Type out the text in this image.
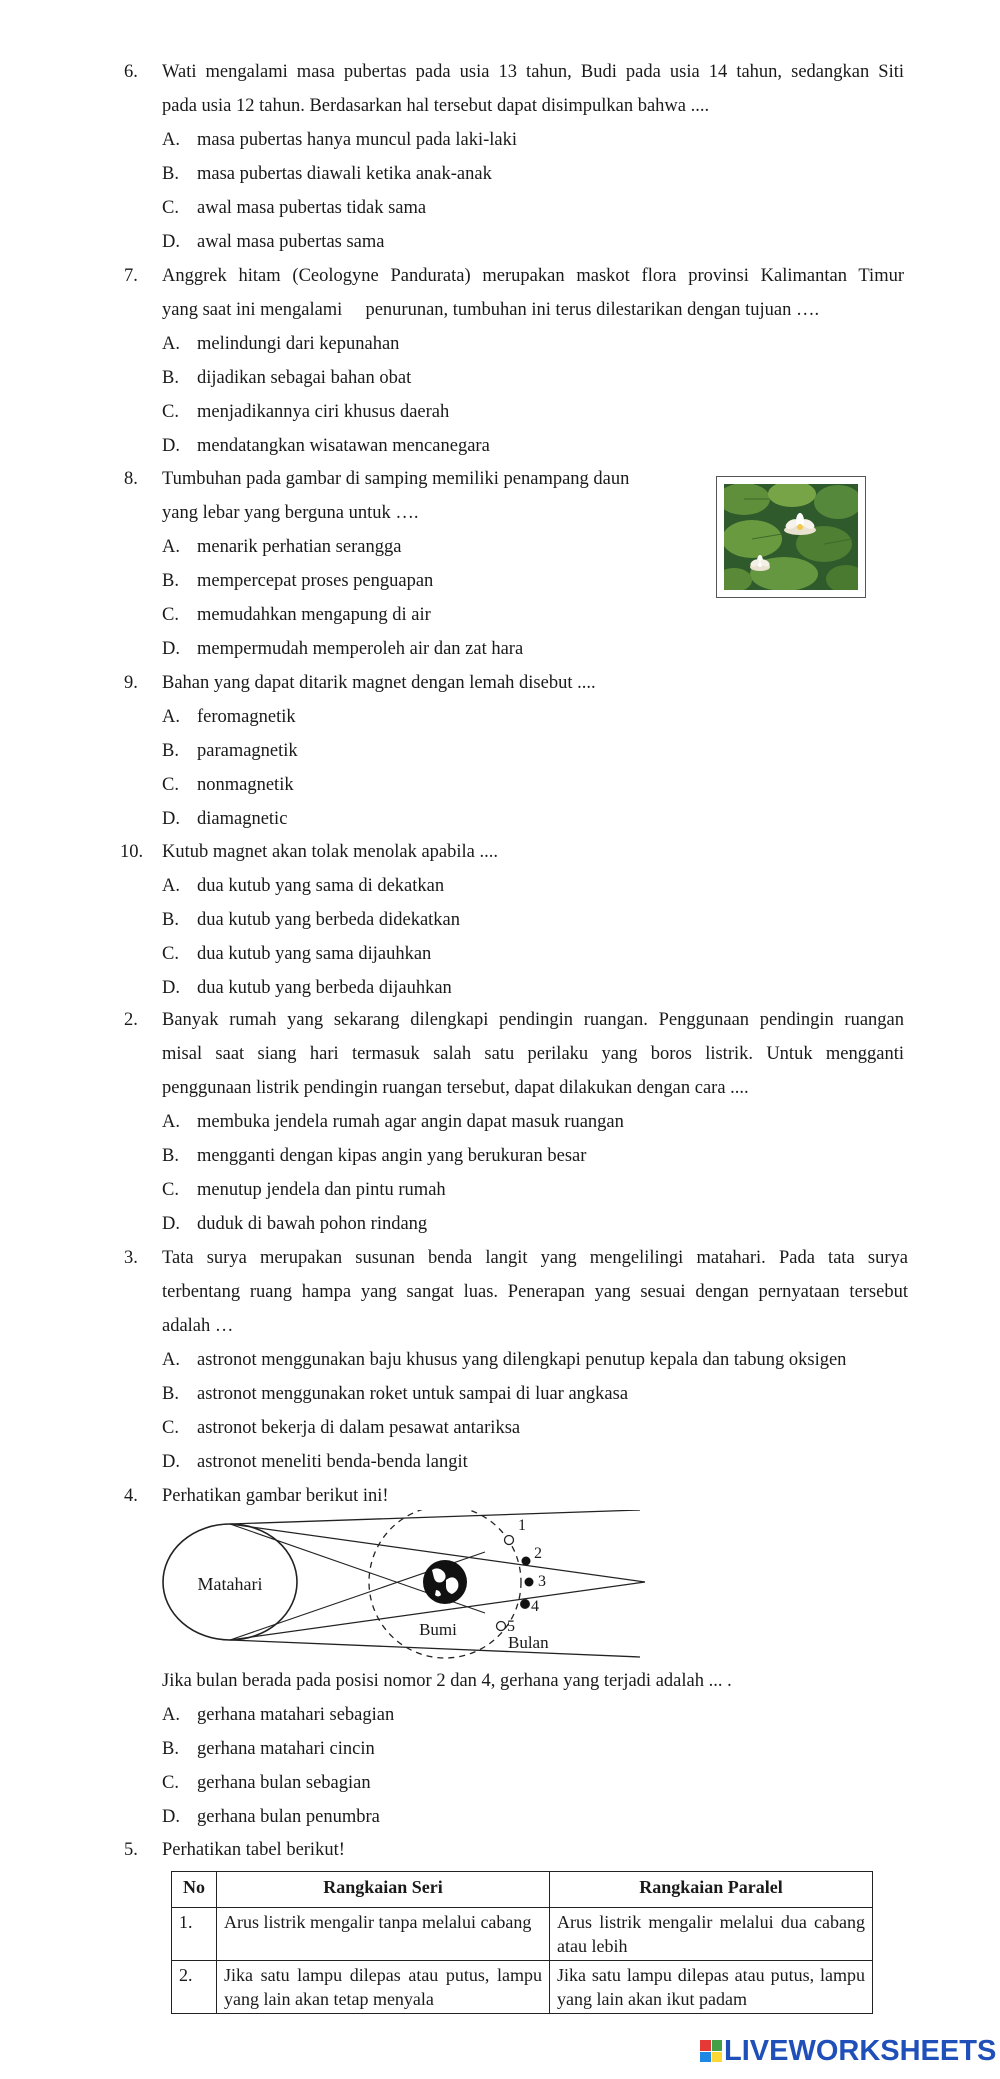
6.	Wati mengalami masa pubertas pada usia 13 tahun, Budi pada usia 14 tahun, sedangkan Siti
pada usia 12 tahun. Berdasarkan hal tersebut dapat disimpulkan bahwa ....
A. masa pubertas hanya muncul pada laki-laki
B. masa pubertas diawali ketika anak-anak
C. awal masa pubertas tidak sama
D. awal masa pubertas sama
7.	Anggrek hitam (Ceologyne Pandurata) merupakan maskot flora provinsi Kalimantan Timur
yang saat ini mengalami     penurunan, tumbuhan ini terus dilestarikan dengan tujuan ….
A. melindungi dari kepunahan
B. dijadikan sebagai bahan obat
C. menjadikannya ciri khusus daerah
D. mendatangkan wisatawan mencanegara
8.	Tumbuhan pada gambar di samping memiliki penampang daun
yang lebar yang berguna untuk ….
A. menarik perhatian serangga
B. mempercepat proses penguapan
C. memudahkan mengapung di air
D. mempermudah memperoleh air dan zat hara
9.	Bahan yang dapat ditarik magnet dengan lemah disebut ....
A. feromagnetik
B. paramagnetik
C. nonmagnetik
D. diamagnetic
10.	Kutub magnet akan tolak menolak apabila ....
A. dua kutub yang sama di dekatkan
B. dua kutub yang berbeda didekatkan
C. dua kutub yang sama dijauhkan
D. dua kutub yang berbeda dijauhkan
2.	Banyak rumah yang sekarang dilengkapi pendingin ruangan. Penggunaan pendingin ruangan
misal saat siang hari termasuk salah satu perilaku yang boros listrik. Untuk mengganti
penggunaan listrik pendingin ruangan tersebut, dapat dilakukan dengan cara ....
A. membuka jendela rumah agar angin dapat masuk ruangan
B. mengganti dengan kipas angin yang berukuran besar
C. menutup jendela dan pintu rumah
D. duduk di bawah pohon rindang
3.	Tata surya merupakan susunan benda langit yang mengelilingi matahari. Pada tata surya
terbentang ruang hampa yang sangat luas. Penerapan yang sesuai dengan pernyataan tersebut
adalah …
A. astronot menggunakan baju khusus yang dilengkapi penutup kepala dan tabung oksigen
B. astronot menggunakan roket untuk sampai di luar angkasa
C. astronot bekerja di dalam pesawat antariksa
D. astronot meneliti benda-benda langit
4.	Perhatikan gambar berikut ini!
Matahari
Bumi
1
2
3
4
5
Bulan
Jika bulan berada pada posisi nomor 2 dan 4, gerhana yang terjadi adalah ... .
A. gerhana matahari sebagian
B. gerhana matahari cincin
C. gerhana bulan sebagian
D. gerhana bulan penumbra
5.	Perhatikan tabel berikut!
No	Rangkaian Seri	Rangkaian Paralel
1.	Arus listrik mengalir tanpa melalui cabang	Arus listrik mengalir melalui dua cabang atau lebih
2.	Jika satu lampu dilepas atau putus, lampu yang lain akan tetap menyala	Jika satu lampu dilepas atau putus, lampu yang lain akan ikut padam
LIVEWORKSHEETS
